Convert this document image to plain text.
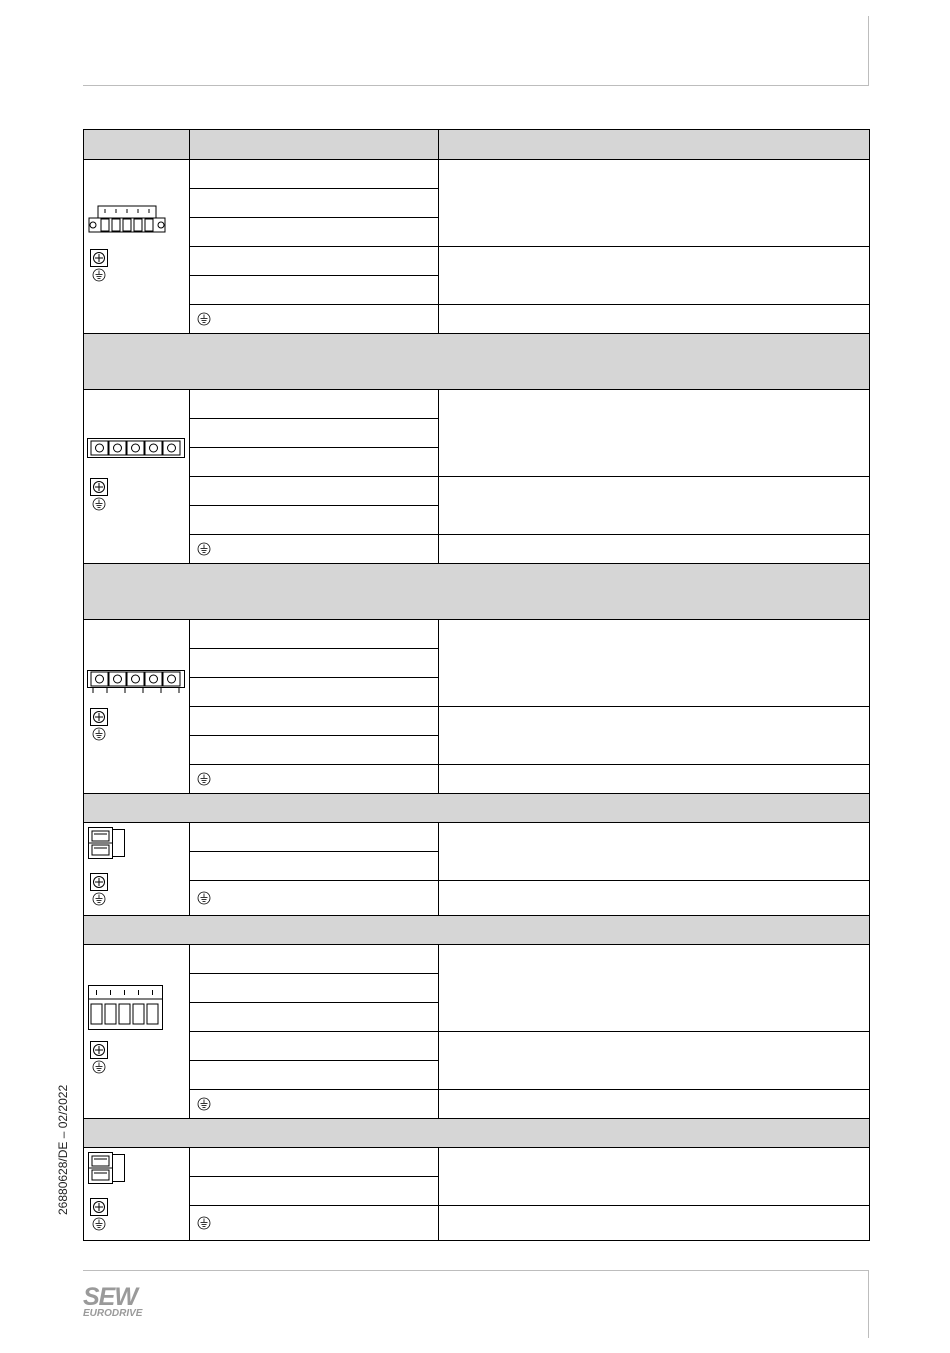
26880628/DE – 02/2022
SEW
EURODRIVE
